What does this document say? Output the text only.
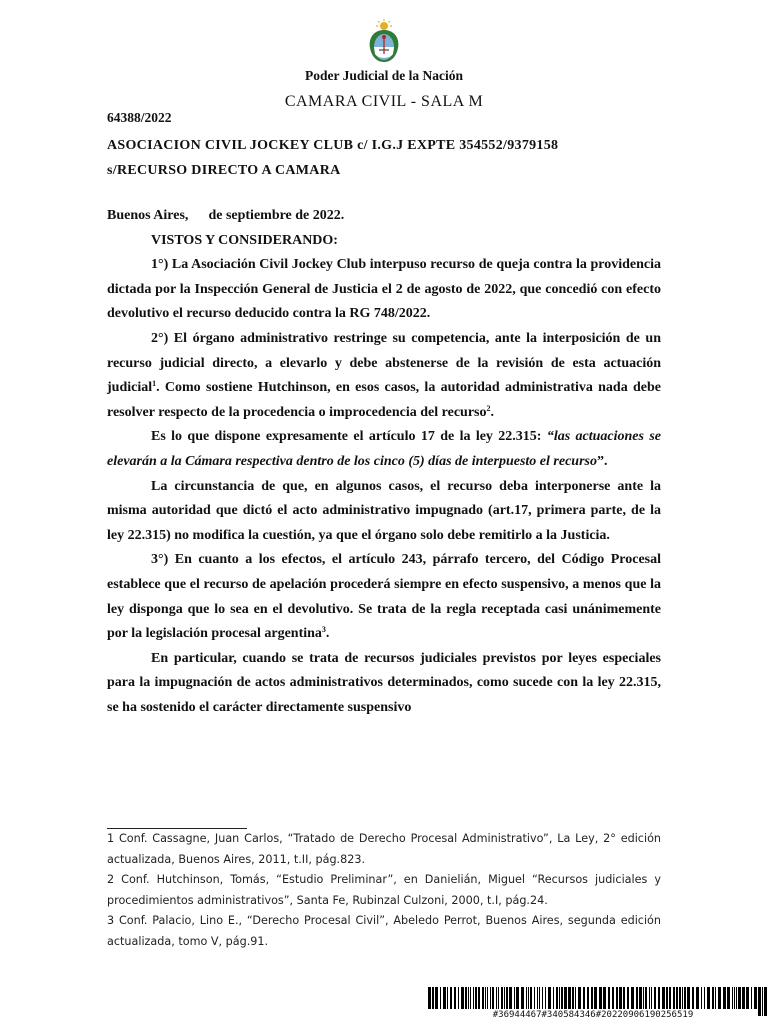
Poder Judicial de la Nación
CAMARA CIVIL - SALA M
64388/2022
ASOCIACION CIVIL JOCKEY CLUB c/ I.G.J EXPTE 354552/9379158
s/RECURSO DIRECTO A CAMARA

Buenos Aires, de septiembre de 2022.

VISTOS Y CONSIDERANDO:

1°) La Asociación Civil Jockey Club interpuso recurso de queja contra la providencia dictada por la Inspección General de Justicia el 2 de agosto de 2022, que concedió con efecto devolutivo el recurso deducido contra la RG 748/2022.

2°) El órgano administrativo restringe su competencia, ante la interposición de un recurso judicial directo, a elevarlo y debe abstenerse de la revisión de esta actuación judicial$^1$. Como sostiene Hutchinson, en esos casos, la autoridad administrativa nada debe resolver respecto de la procedencia o improcedencia del recurso$^2$.

Es lo que dispone expresamente el artículo 17 de la ley 22.315: “las actuaciones se elevarán a la Cámara respectiva dentro de los cinco (5) días de interpuesto el recurso”.

La circunstancia de que, en algunos casos, el recurso deba interponerse ante la misma autoridad que dictó el acto administrativo impugnado (art.17, primera parte, de la ley 22.315) no modifica la cuestión, ya que el órgano solo debe remitirlo a la Justicia.

3°) En cuanto a los efectos, el artículo 243, párrafo tercero, del Código Procesal establece que el recurso de apelación procederá siempre en efecto suspensivo, a menos que la ley disponga que lo sea en el devolutivo. Se trata de la regla receptada casi unánimemente por la legislación procesal argentina$^3$.

En particular, cuando se trata de recursos judiciales previstos por leyes especiales para la impugnación de actos administrativos determinados, como sucede con la ley 22.315, se ha sostenido el carácter directamente suspensivo

1 Conf. Cassagne, Juan Carlos, “Tratado de Derecho Procesal Administrativo”, La Ley, 2° edición actualizada, Buenos Aires, 2011, t.II, pág.823.

2 Conf. Hutchinson, Tomás, “Estudio Preliminar”, en Danielián, Miguel “Recursos judiciales y procedimientos administrativos”, Santa Fe, Rubinzal Culzoni, 2000, t.I, pág.24.

3 Conf. Palacio, Lino E., “Derecho Procesal Civil”, Abeledo Perrot, Buenos Aires, segunda edición actualizada, tomo V, pág.91.

#36944467#340584346#20220906190256519
